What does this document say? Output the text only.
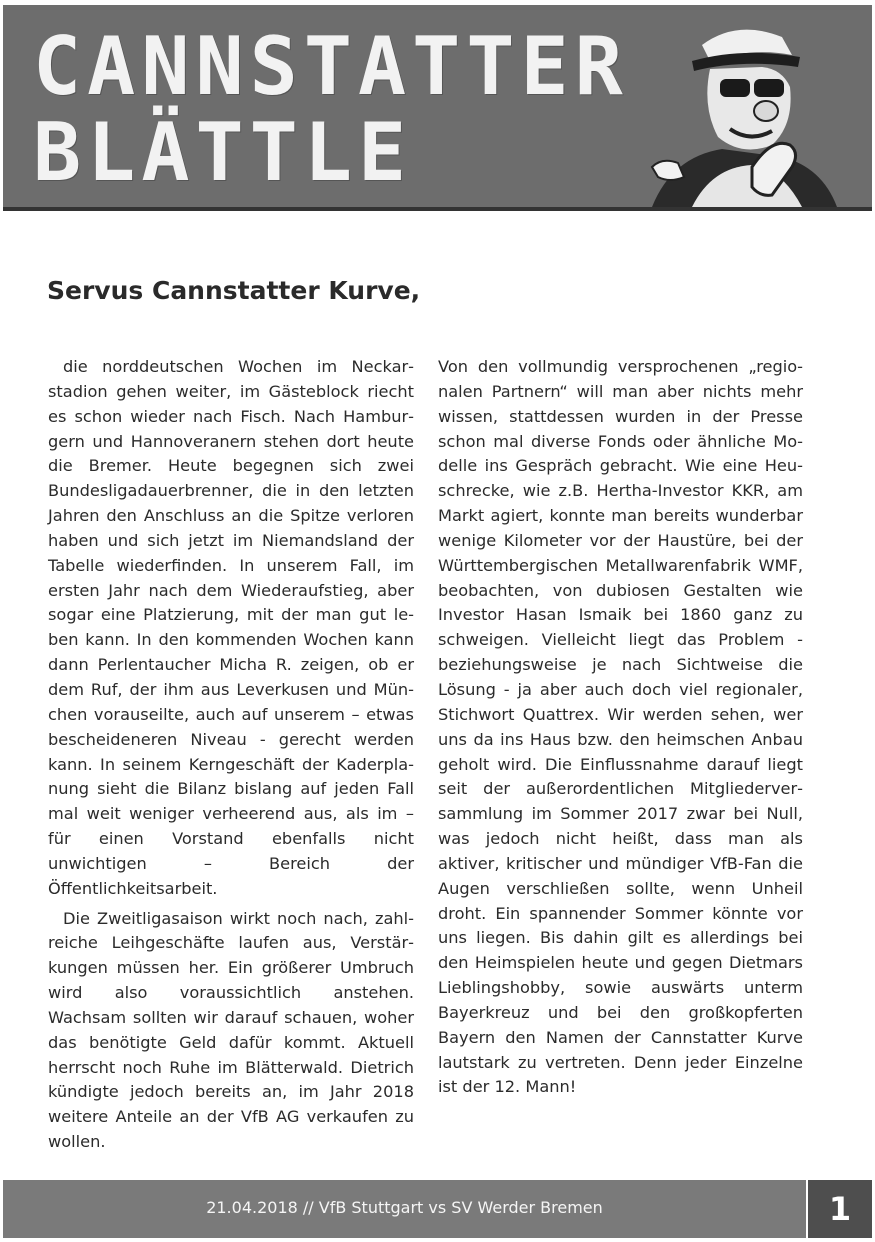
CANNSTATTER
BLÄTTLE
Servus Cannstatter Kurve,

die norddeutschen Wochen im Neckarstadion gehen weiter, im Gästeblock riecht es schon wieder nach Fisch. Nach Hamburgern und Hannoveranern stehen dort heute die Bremer. Heute begegnen sich zwei Bundesligadauerbrenner, die in den letzten Jahren den Anschluss an die Spitze verloren haben und sich jetzt im Niemandsland der Tabelle wiederfinden. In unserem Fall, im ersten Jahr nach dem Wiederaufstieg, aber sogar eine Platzierung, mit der man gut leben kann. In den kommenden Wochen kann dann Perlentaucher Micha R. zeigen, ob er dem Ruf, der ihm aus Leverkusen und München vorauseilte, auch auf unserem – etwas bescheideneren Niveau - gerecht werden kann. In seinem Kerngeschäft der Kaderplanung sieht die Bilanz bislang auf jeden Fall mal weit weniger verheerend aus, als im – für einen Vorstand ebenfalls nicht unwichtigen – Bereich der Öffentlichkeitsarbeit.

Die Zweitligasaison wirkt noch nach, zahlreiche Leihgeschäfte laufen aus, Verstärkungen müssen her. Ein größerer Umbruch wird also voraussichtlich anstehen. Wachsam sollten wir darauf schauen, woher das benötigte Geld dafür kommt. Aktuell herrscht noch Ruhe im Blätterwald. Dietrich kündigte jedoch bereits an, im Jahr 2018 weitere Anteile an der VfB AG verkaufen zu wollen.

Von den vollmundig versprochenen „regionalen Partnern“ will man aber nichts mehr wissen, stattdessen wurden in der Presse schon mal diverse Fonds oder ähnliche Modelle ins Gespräch gebracht. Wie eine Heuschrecke, wie z.B. Hertha-Investor KKR, am Markt agiert, konnte man bereits wunderbar wenige Kilometer vor der Haustüre, bei der Württembergischen Metallwarenfabrik WMF, beobachten, von dubiosen Gestalten wie Investor Hasan Ismaik bei 1860 ganz zu schweigen. Vielleicht liegt das Problem - beziehungsweise je nach Sichtweise die Lösung - ja aber auch doch viel regionaler, Stichwort Quattrex. Wir werden sehen, wer uns da ins Haus bzw. den heimschen Anbau geholt wird. Die Einflussnahme darauf liegt seit der außerordentlichen Mitgliederversammlung im Sommer 2017 zwar bei Null, was jedoch nicht heißt, dass man als aktiver, kritischer und mündiger VfB-Fan die Augen verschließen sollte, wenn Unheil droht. Ein spannender Sommer könnte vor uns liegen. Bis dahin gilt es allerdings bei den Heimspielen heute und gegen Dietmars Lieblingshobby, sowie auswärts unterm Bayerkreuz und bei den großkopferten Bayern den Namen der Cannstatter Kurve lautstark zu vertreten. Denn jeder Einzelne ist der 12. Mann!

21.04.2018 // VfB Stuttgart vs SV Werder Bremen	1
